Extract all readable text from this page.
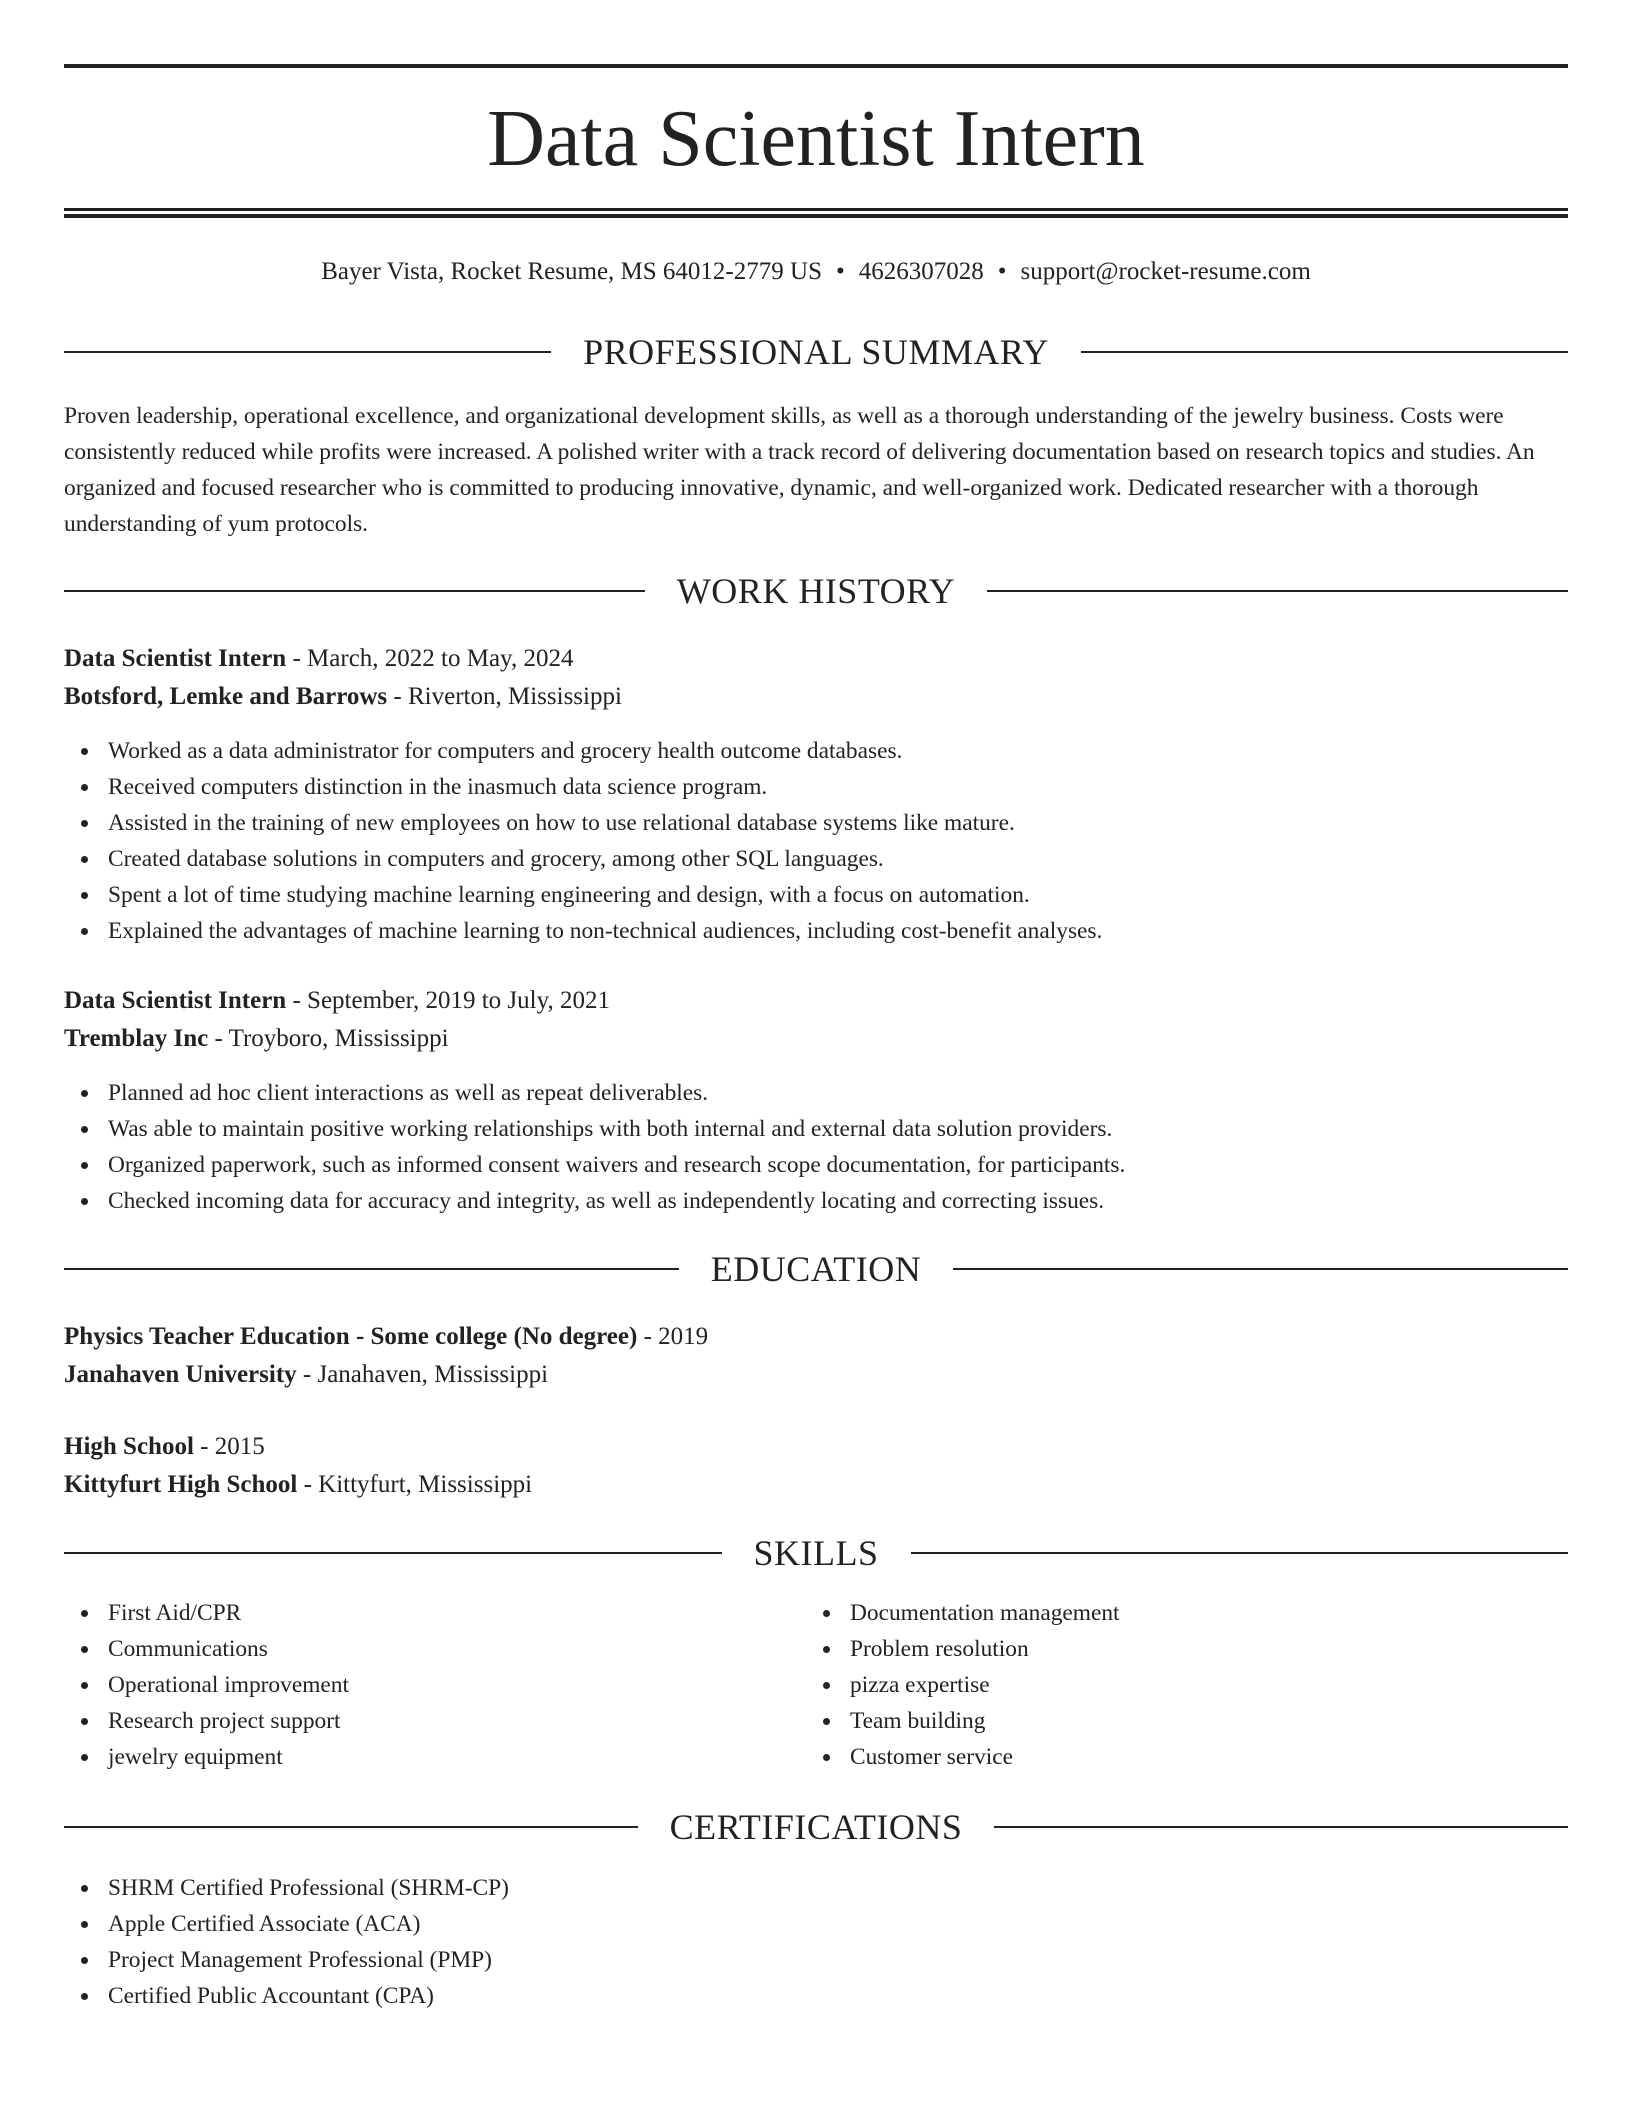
Data Scientist Intern
Bayer Vista, Rocket Resume, MS 64012-2779 US • 4626307028 • support@rocket-resume.com
PROFESSIONAL SUMMARY

Proven leadership, operational excellence, and organizational development skills, as well as a thorough understanding of the jewelry business. Costs were consistently reduced while profits were increased. A polished writer with a track record of delivering documentation based on research topics and studies. An organized and focused researcher who is committed to producing innovative, dynamic, and well-organized work. Dedicated researcher with a thorough understanding of yum protocols.

WORK HISTORY
Data Scientist Intern - March, 2022 to May, 2024
Botsford, Lemke and Barrows - Riverton, Mississippi
Worked as a data administrator for computers and grocery health outcome databases.
Received computers distinction in the inasmuch data science program.
Assisted in the training of new employees on how to use relational database systems like mature.
Created database solutions in computers and grocery, among other SQL languages.
Spent a lot of time studying machine learning engineering and design, with a focus on automation.
Explained the advantages of machine learning to non-technical audiences, including cost-benefit analyses.
Data Scientist Intern - September, 2019 to July, 2021
Tremblay Inc - Troyboro, Mississippi
Planned ad hoc client interactions as well as repeat deliverables.
Was able to maintain positive working relationships with both internal and external data solution providers.
Organized paperwork, such as informed consent waivers and research scope documentation, for participants.
Checked incoming data for accuracy and integrity, as well as independently locating and correcting issues.
EDUCATION
Physics Teacher Education - Some college (No degree) - 2019
Janahaven University - Janahaven, Mississippi
High School - 2015
Kittyfurt High School - Kittyfurt, Mississippi
SKILLS
First Aid/CPR
Communications
Operational improvement
Research project support
jewelry equipment
Documentation management
Problem resolution
pizza expertise
Team building
Customer service
CERTIFICATIONS
SHRM Certified Professional (SHRM-CP)
Apple Certified Associate (ACA)
Project Management Professional (PMP)
Certified Public Accountant (CPA)
